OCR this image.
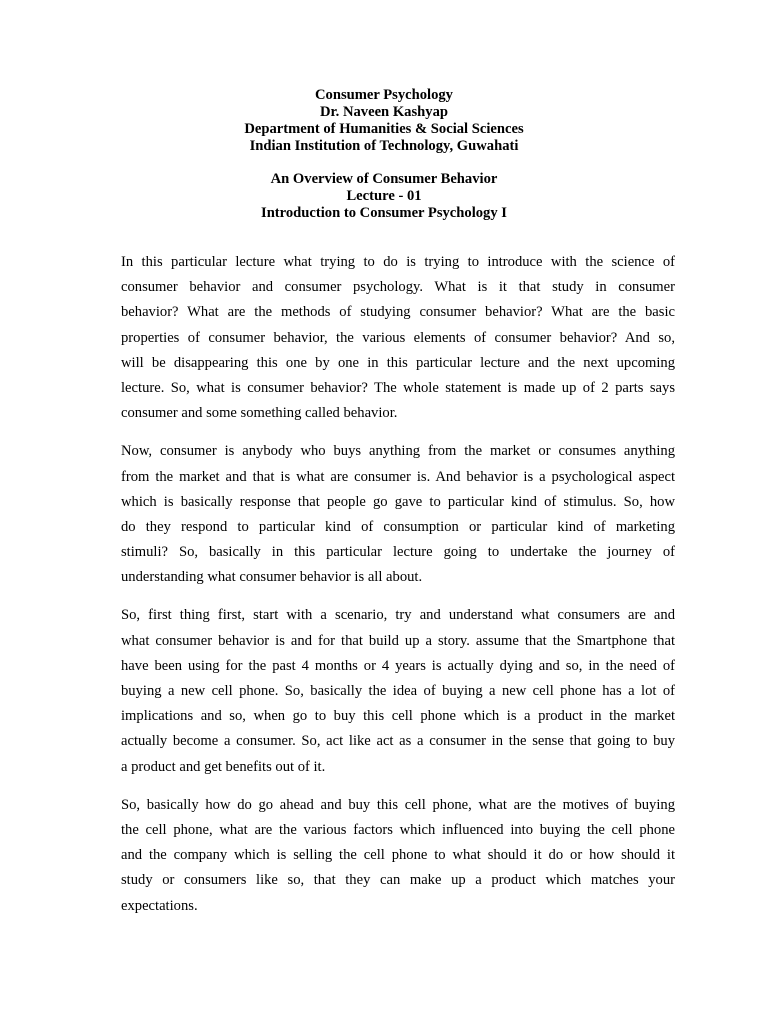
Consumer Psychology
Dr. Naveen Kashyap
Department of Humanities & Social Sciences
Indian Institution of Technology, Guwahati
An Overview of Consumer Behavior
Lecture - 01
Introduction to Consumer Psychology I

In this particular lecture what trying to do is trying to introduce with the science of
consumer behavior and consumer psychology. What is it that study in consumer
behavior? What are the methods of studying consumer behavior? What are the basic
properties of consumer behavior, the various elements of consumer behavior? And so,
will be disappearing this one by one in this particular lecture and the next upcoming
lecture. So, what is consumer behavior? The whole statement is made up of 2 parts says
consumer and some something called behavior.

Now, consumer is anybody who buys anything from the market or consumes anything
from the market and that is what are consumer is. And behavior is a psychological aspect
which is basically response that people go gave to particular kind of stimulus. So, how
do they respond to particular kind of consumption or particular kind of marketing
stimuli? So, basically in this particular lecture going to undertake the journey of
understanding what consumer behavior is all about.

So, first thing first, start with a scenario, try and understand what consumers are and
what consumer behavior is and for that build up a story. assume that the Smartphone that
have been using for the past 4 months or 4 years is actually dying and so, in the need of
buying a new cell phone. So, basically the idea of buying a new cell phone has a lot of
implications and so, when go to buy this cell phone which is a product in the market
actually become a consumer. So, act like act as a consumer in the sense that going to buy
a product and get benefits out of it.

So, basically how do go ahead and buy this cell phone, what are the motives of buying
the cell phone, what are the various factors which influenced into buying the cell phone
and the company which is selling the cell phone to what should it do or how should it
study or consumers like so, that they can make up a product which matches your
expectations.
